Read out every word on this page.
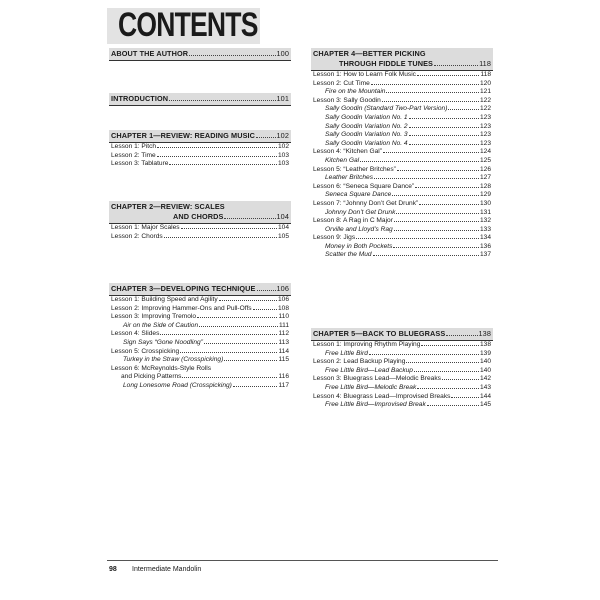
CONTENTS
ABOUT THE AUTHOR	100
INTRODUCTION	101
CHAPTER 1—REVIEW: READING MUSIC	102
Lesson 1: Pitch	102
Lesson 2: Time	103
Lesson 3: Tablature	103
CHAPTER 2—REVIEW: SCALES
AND CHORDS	104
Lesson 1: Major Scales	104
Lesson 2: Chords	105
CHAPTER 3—DEVELOPING TECHNIQUE	106
Lesson 1: Building Speed and Agility	106
Lesson 2: Improving Hammer-Ons and Pull-Offs	108
Lesson 3: Improving Tremolo	110
Air on the Side of Caution	111
Lesson 4: Slides	112
Sign Says “Gone Noodling”	113
Lesson 5: Crosspicking	114
Turkey in the Straw (Crosspicking)	115
Lesson 6: McReynolds-Style Rolls
and Picking Patterns	116
Long Lonesome Road (Crosspicking)	117
CHAPTER 4—BETTER PICKING
THROUGH FIDDLE TUNES	118
Lesson 1: How to Learn Folk Music	118
Lesson 2: Cut Time	120
Fire on the Mountain	121
Lesson 3: Sally Goodin	122
Sally Goodin (Standard Two-Part Version)	122
Sally Goodin Variation No. 1	123
Sally Goodin Variation No. 2	123
Sally Goodin Variation No. 3	123
Sally Goodin Variation No. 4	123
Lesson 4: “Kitchen Gal”	124
Kitchen Gal	125
Lesson 5: “Leather Britches”	126
Leather Britches	127
Lesson 6: “Seneca Square Dance”	128
Seneca Square Dance	129
Lesson 7: “Johnny Don’t Get Drunk”	130
Johnny Don’t Get Drunk	131
Lesson 8: A Rag in C Major	132
Orville and Lloyd’s Rag	133
Lesson 9: Jigs	134
Money in Both Pockets	136
Scatter the Mud	137
CHAPTER 5—BACK TO BLUEGRASS	138
Lesson 1: Improving Rhythm Playing	138
Free Little Bird	139
Lesson 2: Lead Backup Playing	140
Free Little Bird—Lead Backup	140
Lesson 3: Bluegrass Lead—Melodic Breaks	142
Free Little Bird—Melodic Break	143
Lesson 4: Bluegrass Lead—Improvised Breaks	144
Free Little Bird—Improvised Break	145
98 Intermediate Mandolin
